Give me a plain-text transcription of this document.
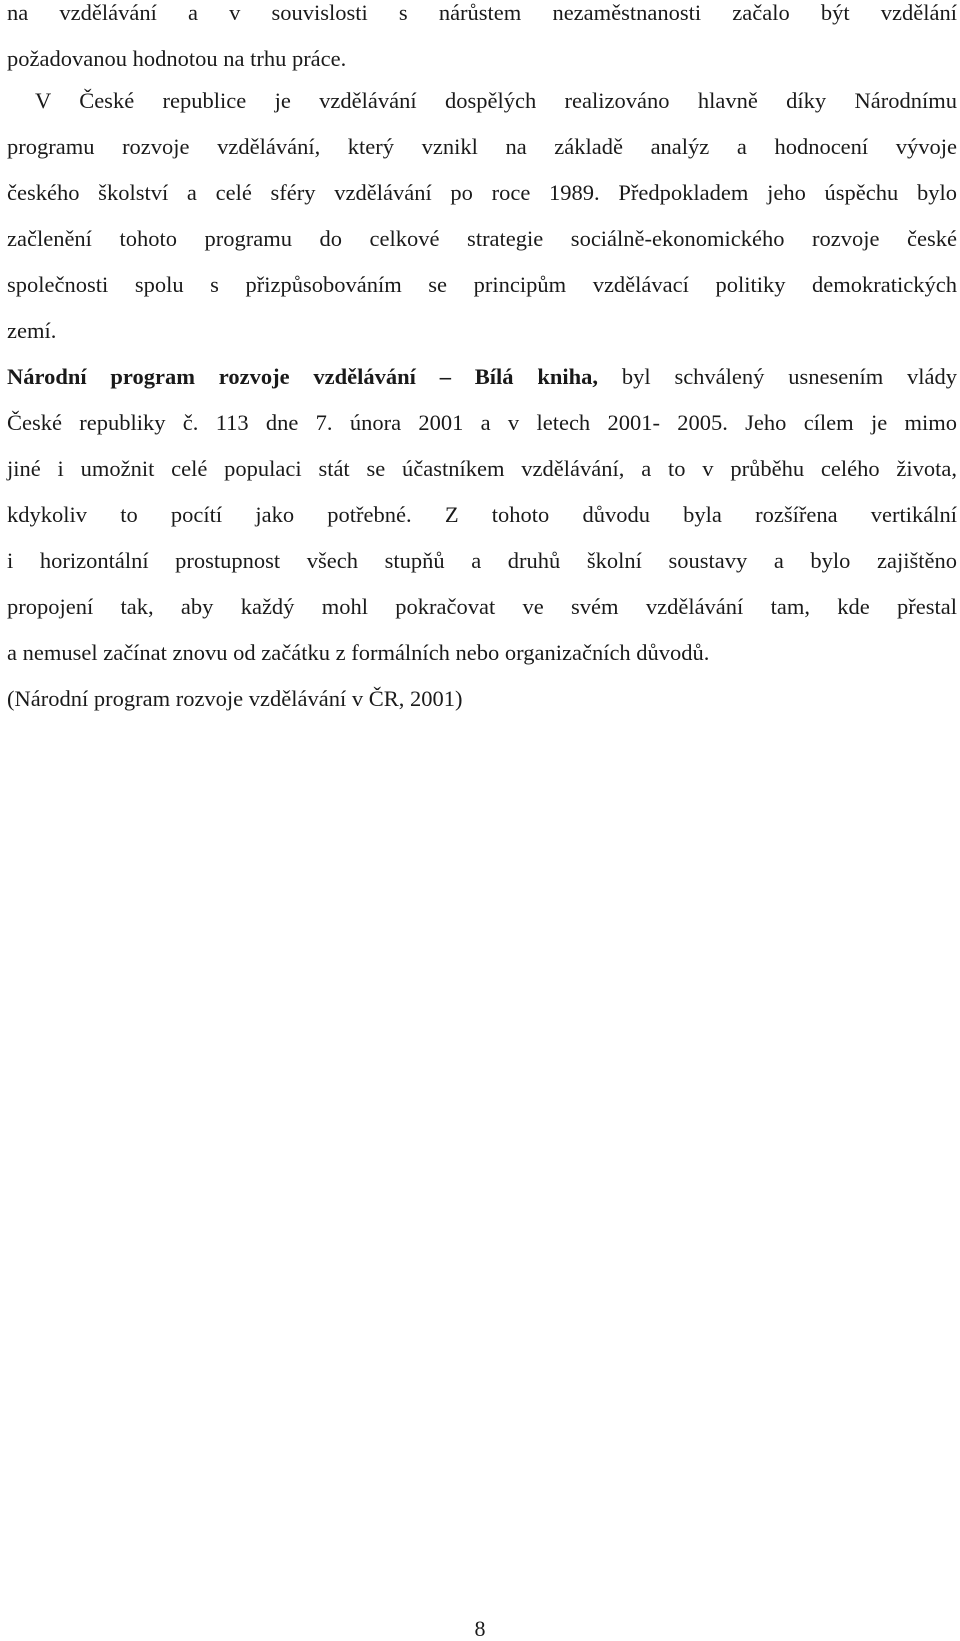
na vzdělávání a v souvislosti s nárůstem nezaměstnanosti začalo být vzdělání

požadovanou hodnotou na trhu práce.

V České republice je vzdělávání dospělých realizováno hlavně díky Národnímu

programu rozvoje vzdělávání, který vznikl na základě analýz a hodnocení vývoje

českého školství a celé sféry vzdělávání po roce 1989. Předpokladem jeho úspěchu bylo

začlenění tohoto programu do celkové strategie sociálně-ekonomického rozvoje české

společnosti spolu s přizpůsobováním se principům vzdělávací politiky demokratických

zemí.

Národní program rozvoje vzdělávání – Bílá kniha, byl schválený usnesením vlády

České republiky č. 113 dne 7. února 2001 a v letech 2001- 2005. Jeho cílem je mimo

jiné i umožnit celé populaci stát se účastníkem vzdělávání, a to v průběhu celého života,

kdykoliv to pocítí jako potřebné. Z tohoto důvodu byla rozšířena vertikální

i horizontální prostupnost všech stupňů a druhů školní soustavy a bylo zajištěno

propojení tak, aby každý mohl pokračovat ve svém vzdělávání tam, kde přestal

a nemusel začínat znovu od začátku z formálních nebo organizačních důvodů.

(Národní program rozvoje vzdělávání v ČR, 2001)

8
